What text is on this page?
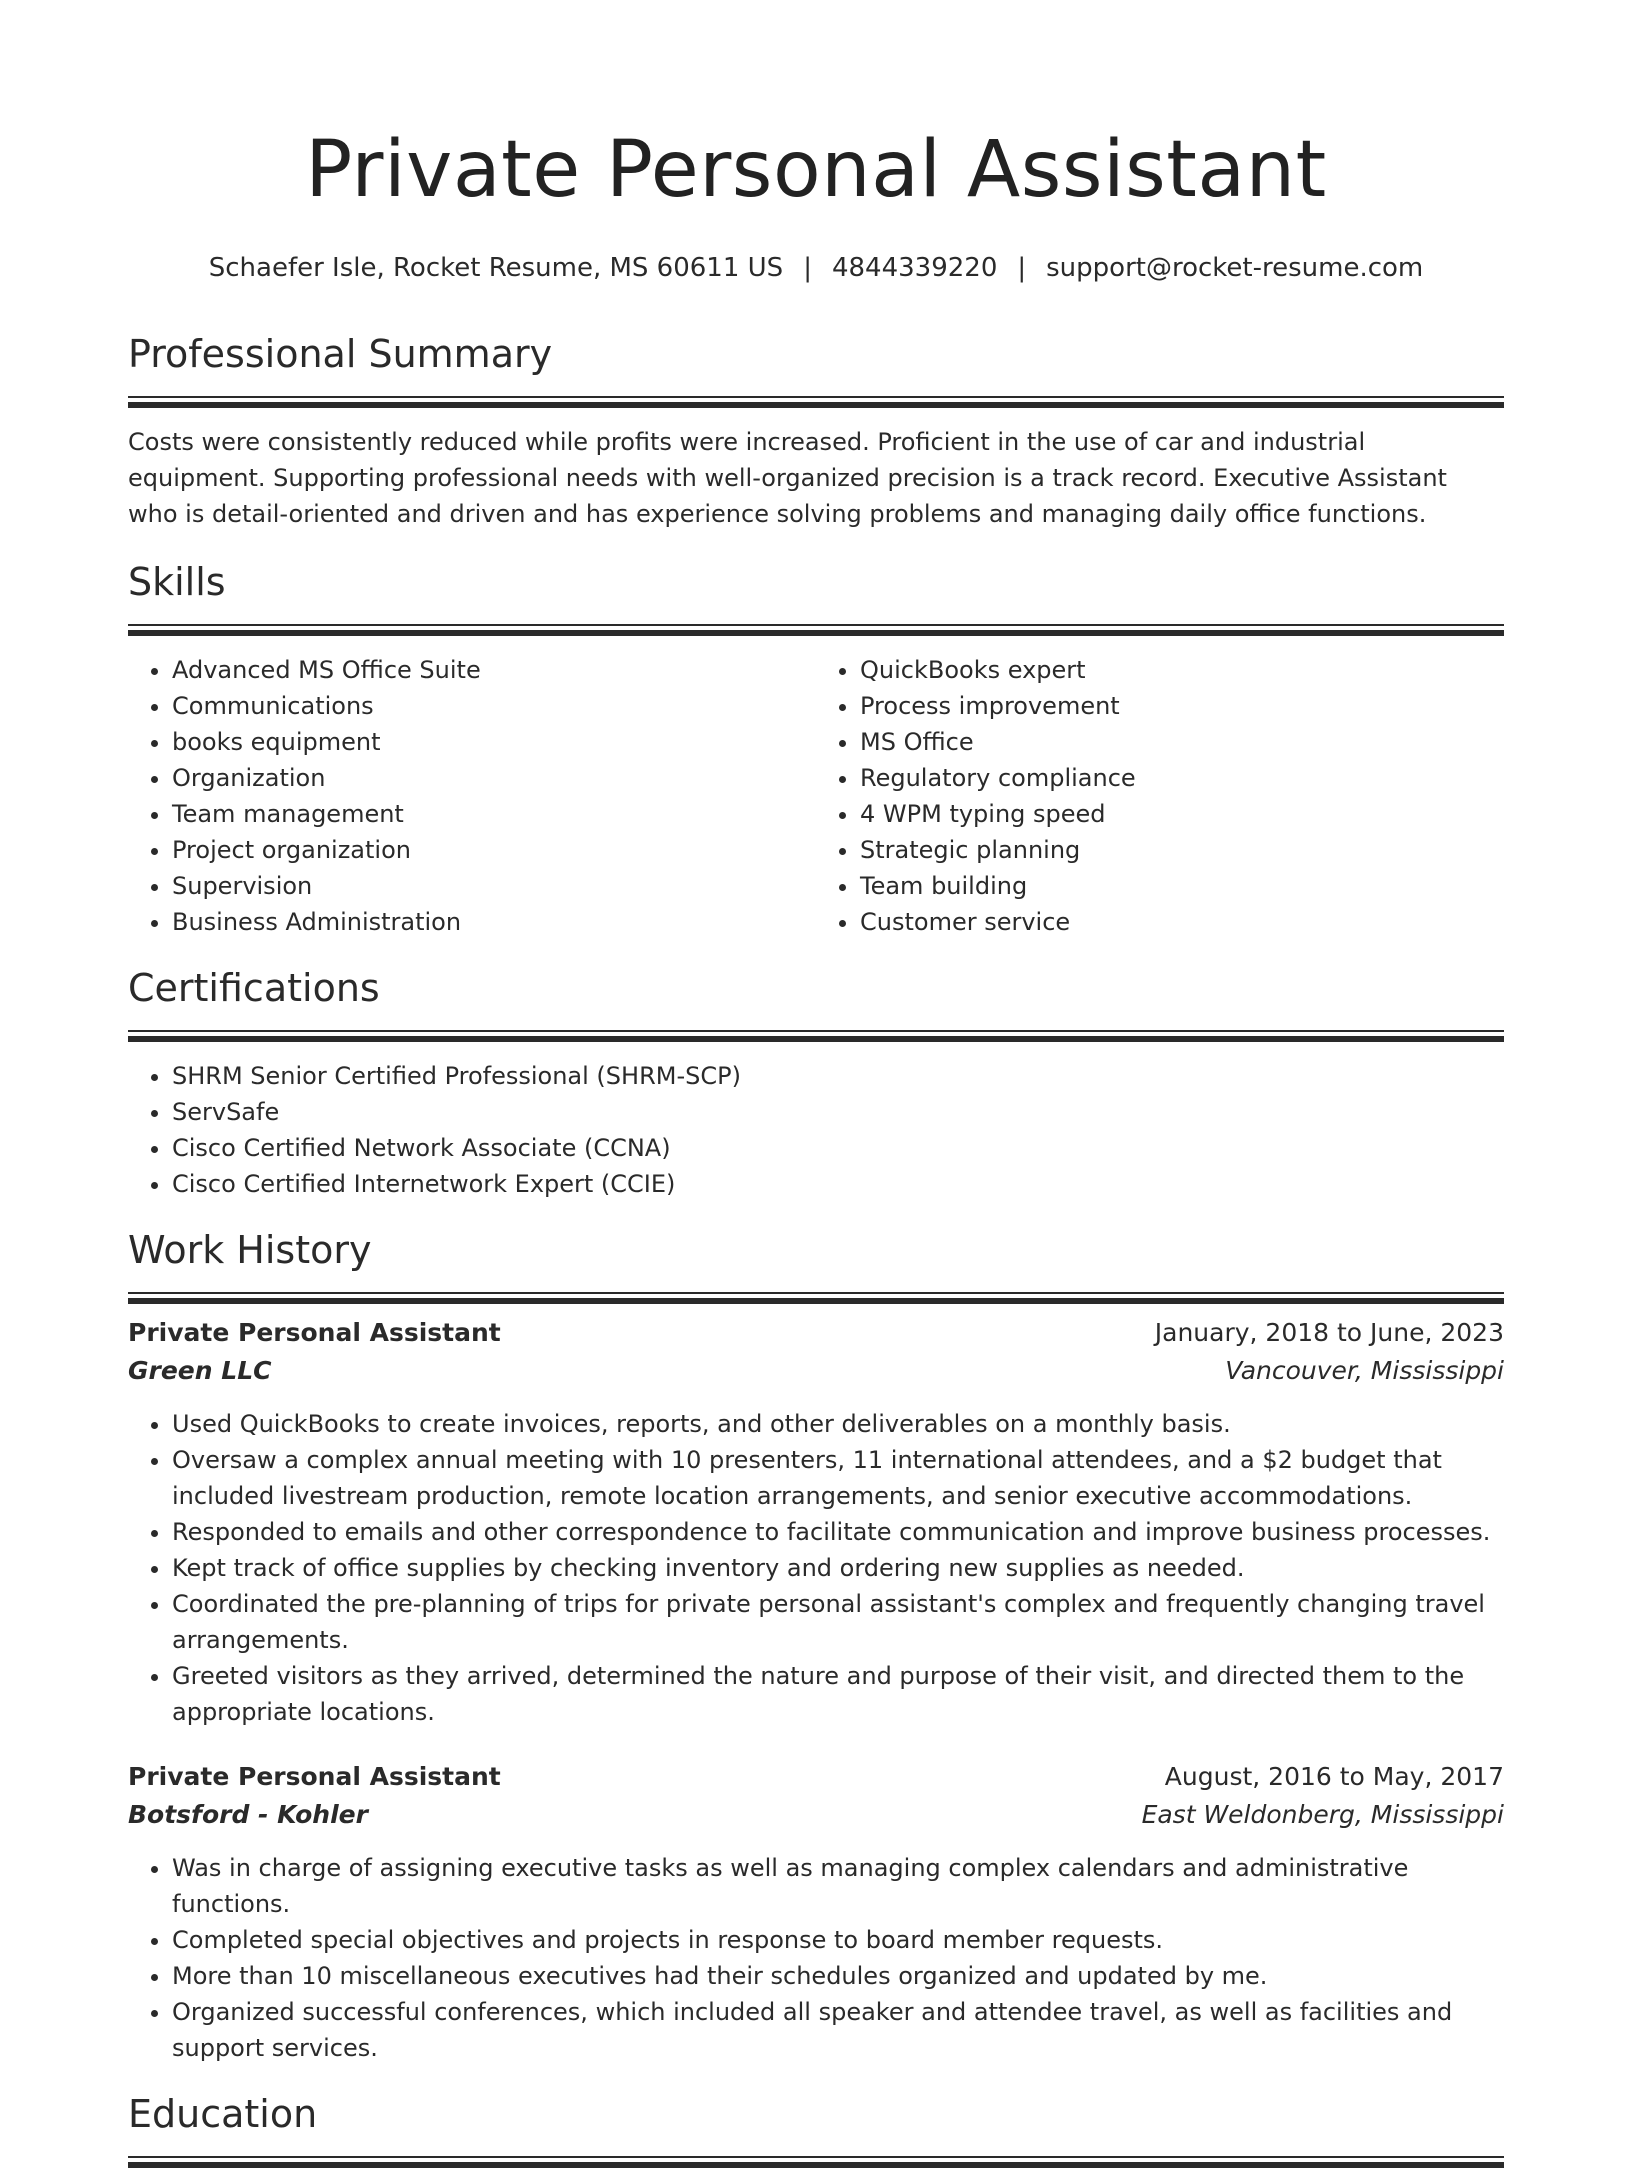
Private Personal Assistant
Schaefer Isle, Rocket Resume, MS 60611 US | 4844339220 | support@rocket-resume.com
Professional Summary

Costs were consistently reduced while profits were increased. Proficient in the use of car and industrial equipment. Supporting professional needs with well-organized precision is a track record. Executive Assistant who is detail-oriented and driven and has experience solving problems and managing daily office functions.

Skills
• Advanced MS Office Suite
• Communications
• books equipment
• Organization
• Team management
• Project organization
• Supervision
• Business Administration
• QuickBooks expert
• Process improvement
• MS Office
• Regulatory compliance
• 4 WPM typing speed
• Strategic planning
• Team building
• Customer service
Certifications
• SHRM Senior Certified Professional (SHRM-SCP)
• ServSafe
• Cisco Certified Network Associate (CCNA)
• Cisco Certified Internetwork Expert (CCIE)
Work History
Private Personal Assistant	January, 2018 to June, 2023
Green LLC	Vancouver, Mississippi
• Used QuickBooks to create invoices, reports, and other deliverables on a monthly basis.
• Oversaw a complex annual meeting with 10 presenters, 11 international attendees, and a $2 budget that included livestream production, remote location arrangements, and senior executive accommodations.
• Responded to emails and other correspondence to facilitate communication and improve business processes.
• Kept track of office supplies by checking inventory and ordering new supplies as needed.
• Coordinated the pre-planning of trips for private personal assistant's complex and frequently changing travel arrangements.
• Greeted visitors as they arrived, determined the nature and purpose of their visit, and directed them to the appropriate locations.
Private Personal Assistant	August, 2016 to May, 2017
Botsford - Kohler	East Weldonberg, Mississippi
• Was in charge of assigning executive tasks as well as managing complex calendars and administrative functions.
• Completed special objectives and projects in response to board member requests.
• More than 10 miscellaneous executives had their schedules organized and updated by me.
• Organized successful conferences, which included all speaker and attendee travel, as well as facilities and support services.
Education
